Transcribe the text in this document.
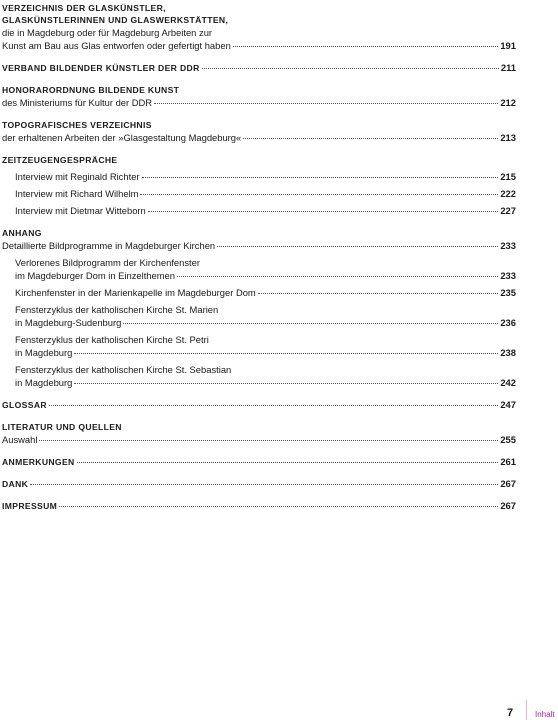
VERZEICHNIS DER GLASKÜNSTLER,
GLASKÜNSTLERINNEN UND GLASWERKSTÄTTEN,
die in Magdeburg oder für Magdeburg Arbeiten zur
Kunst am Bau aus Glas entworfen oder gefertigt haben	191
VERBAND BILDENDER KÜNSTLER DER DDR	211
HONORARORDNUNG BILDENDE KUNST
des Ministeriums für Kultur der DDR	212
TOPOGRAFISCHES VERZEICHNIS
der erhaltenen Arbeiten der »Glasgestaltung Magdeburg«	213
ZEITZEUGENGESPRÄCHE
Interview mit Reginald Richter	215
Interview mit Richard Wilhelm	222
Interview mit Dietmar Witteborn	227
ANHANG
Detaillierte Bildprogramme in Magdeburger Kirchen	233
Verlorenes Bildprogramm der Kirchenfenster
im Magdeburger Dom in Einzelthemen	233
Kirchenfenster in der Marienkapelle im Magdeburger Dom	235
Fensterzyklus der katholischen Kirche St. Marien
in Magdeburg-Sudenburg	236
Fensterzyklus der katholischen Kirche St. Petri
in Magdeburg	238
Fensterzyklus der katholischen Kirche St. Sebastian
in Magdeburg	242
GLOSSAR	247
LITERATUR UND QUELLEN
Auswahl	255
ANMERKUNGEN	261
DANK	267
IMPRESSUM	267
7	Inhalt
